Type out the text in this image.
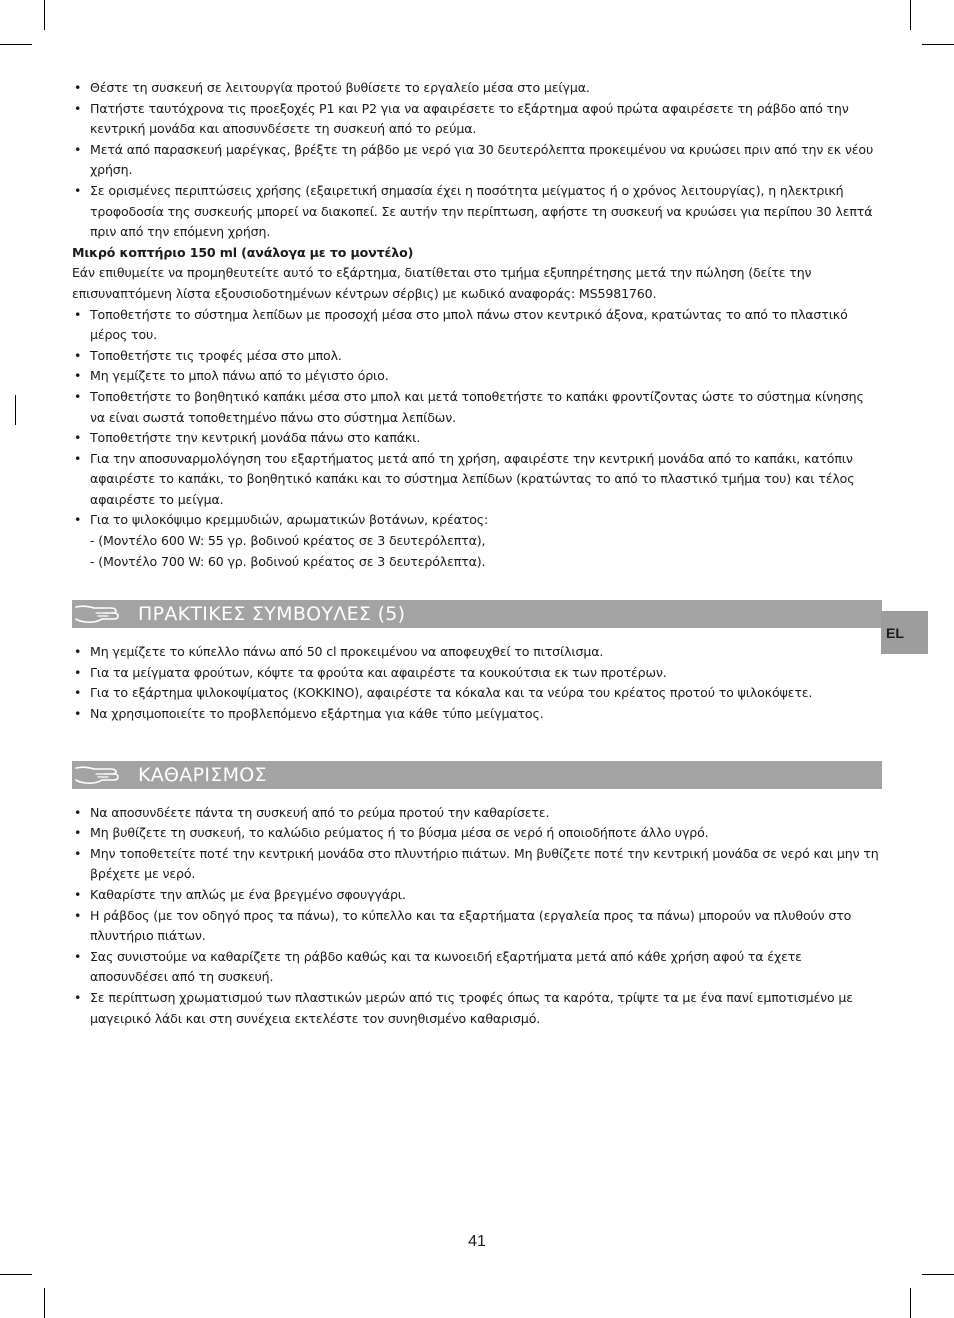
• Θέστε τη συσκευή σε λειτουργία προτού βυθίσετε το εργαλείο μέσα στο μείγμα.
• Πατήστε ταυτόχρονα τις προεξοχές P1 και P2 για να αφαιρέσετε το εξάρτημα αφού πρώτα αφαιρέσετε τη ράβδο από την κεντρική μονάδα και αποσυνδέσετε τη συσκευή από το ρεύμα.
• Μετά από παρασκευή μαρέγκας, βρέξτε τη ράβδο με νερό για 30 δευτερόλεπτα προκειμένου να κρυώσει πριν από την εκ νέου χρήση.
• Σε ορισμένες περιπτώσεις χρήσης (εξαιρετική σημασία έχει η ποσότητα μείγματος ή ο χρόνος λειτουργίας), η ηλεκτρική τροφοδοσία της συσκευής μπορεί να διακοπεί. Σε αυτήν την περίπτωση, αφήστε τη συσκευή να κρυώσει για περίπου 30 λεπτά πριν από την επόμενη χρήση.

Μικρό κοπτήριο 150 ml (ανάλογα με το μοντέλο)

Εάν επιθυμείτε να προμηθευτείτε αυτό το εξάρτημα, διατίθεται στο τμήμα εξυπηρέτησης μετά την πώληση (δείτε την επισυναπτόμενη λίστα εξουσιοδοτημένων κέντρων σέρβις) με κωδικό αναφοράς: MS5981760.

• Τοποθετήστε το σύστημα λεπίδων με προσοχή μέσα στο μπολ πάνω στον κεντρικό άξονα, κρατώντας το από το πλαστικό μέρος του.
• Τοποθετήστε τις τροφές μέσα στο μπολ.
• Μη γεμίζετε το μπολ πάνω από το μέγιστο όριο.
• Τοποθετήστε το βοηθητικό καπάκι μέσα στο μπολ και μετά τοποθετήστε το καπάκι φροντίζοντας ώστε το σύστημα κίνησης να είναι σωστά τοποθετημένο πάνω στο σύστημα λεπίδων.
• Τοποθετήστε την κεντρική μονάδα πάνω στο καπάκι.
• Για την αποσυναρμολόγηση του εξαρτήματος μετά από τη χρήση, αφαιρέστε την κεντρική μονάδα από το καπάκι, κατόπιν αφαιρέστε το καπάκι, το βοηθητικό καπάκι και το σύστημα λεπίδων (κρατώντας το από το πλαστικό τμήμα του) και τέλος αφαιρέστε το μείγμα.
• Για το ψιλοκόψιμο κρεμμυδιών, αρωματικών βοτάνων, κρέατος:
- (Μοντέλο 600 W: 55 γρ. βοδινού κρέατος σε 3 δευτερόλεπτα),
- (Μοντέλο 700 W: 60 γρ. βοδινού κρέατος σε 3 δευτερόλεπτα).
ΠΡΑΚΤΙΚΕΣ ΣΥΜΒΟΥΛΕΣ (5)
• Μη γεμίζετε το κύπελλο πάνω από 50 cl προκειμένου να αποφευχθεί το πιτσίλισμα.
• Για τα μείγματα φρούτων, κόψτε τα φρούτα και αφαιρέστε τα κουκούτσια εκ των προτέρων.
• Για το εξάρτημα ψιλοκοψίματος (ΚΟΚΚΙΝΟ), αφαιρέστε τα κόκαλα και τα νεύρα του κρέατος προτού το ψιλοκόψετε.
• Να χρησιμοποιείτε το προβλεπόμενο εξάρτημα για κάθε τύπο μείγματος.
ΚΑΘΑΡΙΣΜΟΣ
• Να αποσυνδέετε πάντα τη συσκευή από το ρεύμα προτού την καθαρίσετε.
• Μη βυθίζετε τη συσκευή, το καλώδιο ρεύματος ή το βύσμα μέσα σε νερό ή οποιοδήποτε άλλο υγρό.
• Μην τοποθετείτε ποτέ την κεντρική μονάδα στο πλυντήριο πιάτων. Μη βυθίζετε ποτέ την κεντρική μονάδα σε νερό και μην τη βρέχετε με νερό.
• Καθαρίστε την απλώς με ένα βρεγμένο σφουγγάρι.
• Η ράβδος (με τον οδηγό προς τα πάνω), το κύπελλο και τα εξαρτήματα (εργαλεία προς τα πάνω) μπορούν να πλυθούν στο πλυντήριο πιάτων.
• Σας συνιστούμε να καθαρίζετε τη ράβδο καθώς και τα κωνοειδή εξαρτήματα μετά από κάθε χρήση αφού τα έχετε αποσυνδέσει από τη συσκευή.
• Σε περίπτωση χρωματισμού των πλαστικών μερών από τις τροφές όπως τα καρότα, τρίψτε τα με ένα πανί εμποτισμένο με μαγειρικό λάδι και στη συνέχεια εκτελέστε τον συνηθισμένο καθαρισμό.
EL
41
